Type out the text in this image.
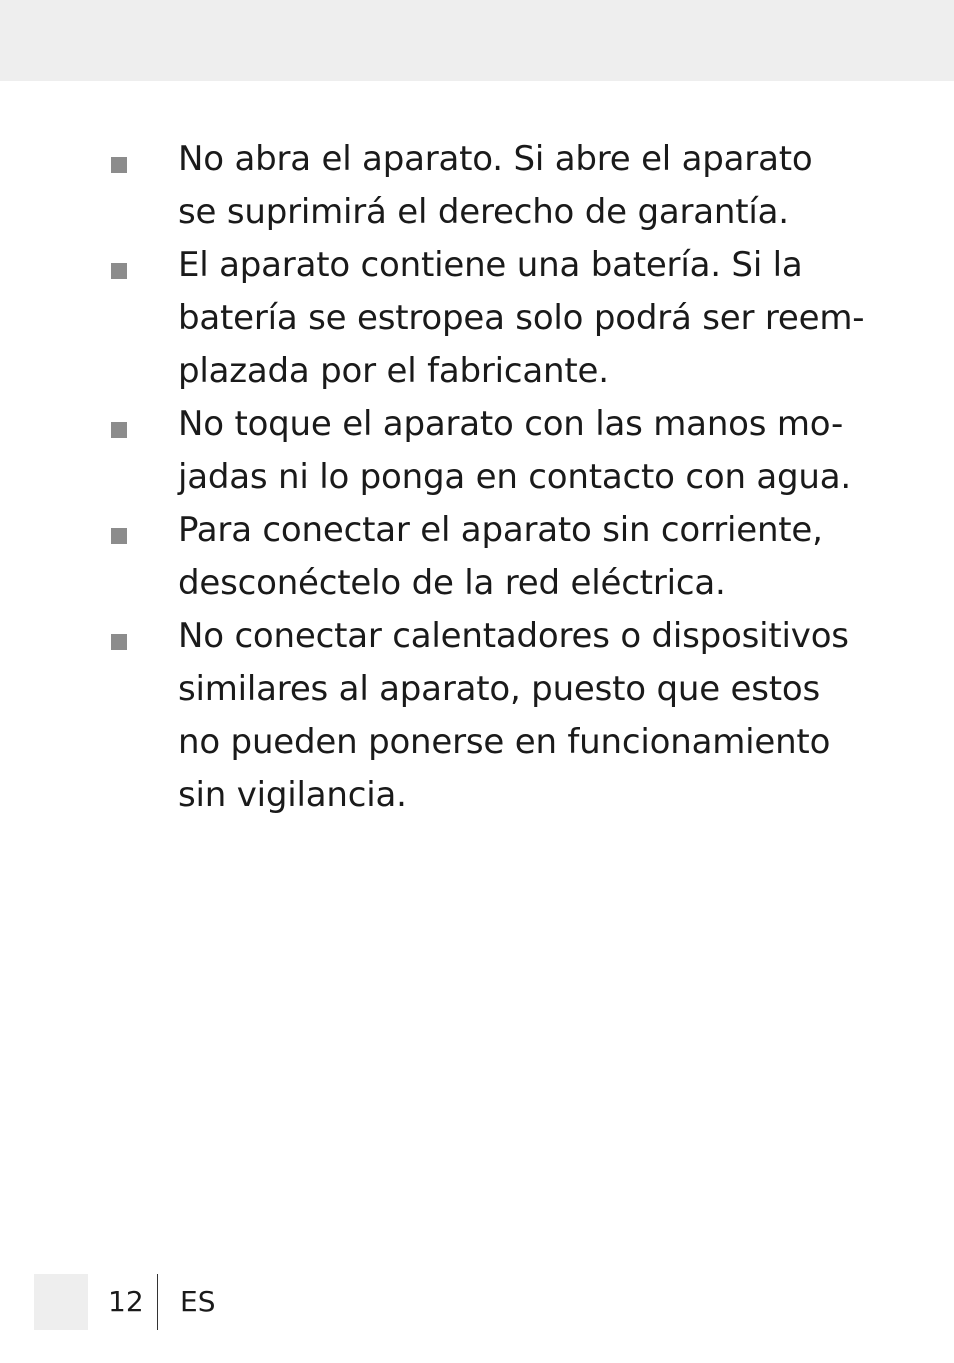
No abra el aparato. Si abre el aparato
se suprimirá el derecho de garantía.
El aparato contiene una batería. Si la
batería se estropea solo podrá ser reem-
plazada por el fabricante.
No toque el aparato con las manos mo-
jadas ni lo ponga en contacto con agua.
Para conectar el aparato sin corriente,
desconéctelo de la red eléctrica.
No conectar calentadores o dispositivos
similares al aparato, puesto que estos
no pueden ponerse en funcionamiento
sin vigilancia.
12 ES
